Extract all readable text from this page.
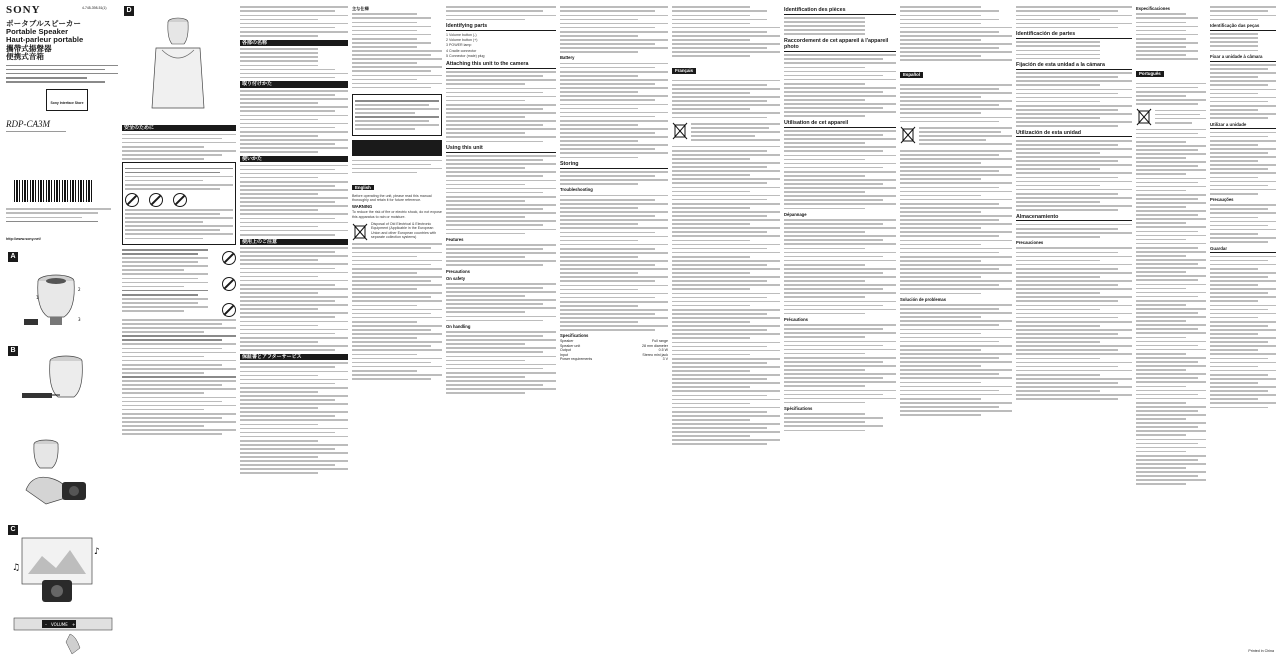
SONY	4-745-398-51(1)
ポータブルスピーカー
Portable Speaker
Haut-parleur portable
攜帶式揚聲器
便携式音箱
Sony Interface Store
RDP-CA3M
http://www.sony.net/
A
1
2
3
B
C
♪
♫
VOLUME
–	+
D
安全のために
各部の名称
取り付けかた
使いかた
使用上のご注意
保証書とアフターサービス
主な仕様
English

Before operating the unit, please read this manual thoroughly and retain it for future reference.

WARNING

To reduce the risk of fire or electric shock, do not expose this apparatus to rain or moisture.

Disposal of Old Electrical & Electronic Equipment (Applicable in the European Union and other European countries with separate collection systems)

Identifying parts

1 Volume button (-)

2 Volume button (+)

3 POWER lamp

4 Cradle connector

5 Connector (male) plug

Attaching this unit to the camera
Using this unit
Features
Precautions
On safety
On handling
Battery
Storing
Troubleshooting
Specifications
Speaker	Full range
Speaker unit	28 mm diameter
Output	0.5 W
Input	Stereo mini jack
Power requirements	3 V
Français
Identification des pièces
Raccordement de cet appareil à l'appareil photo
Utilisation de cet appareil
Dépannage
Précautions
Spécifications
Español
Solución de problemas
Identificación de partes
Fijación de esta unidad a la cámara
Utilización de esta unidad
Almacenamiento
Precauciones
Especificaciones
Português
Identificação das peças
Fixar a unidade à câmara
Utilizar a unidade
Precauções
Guardar
Printed in China
